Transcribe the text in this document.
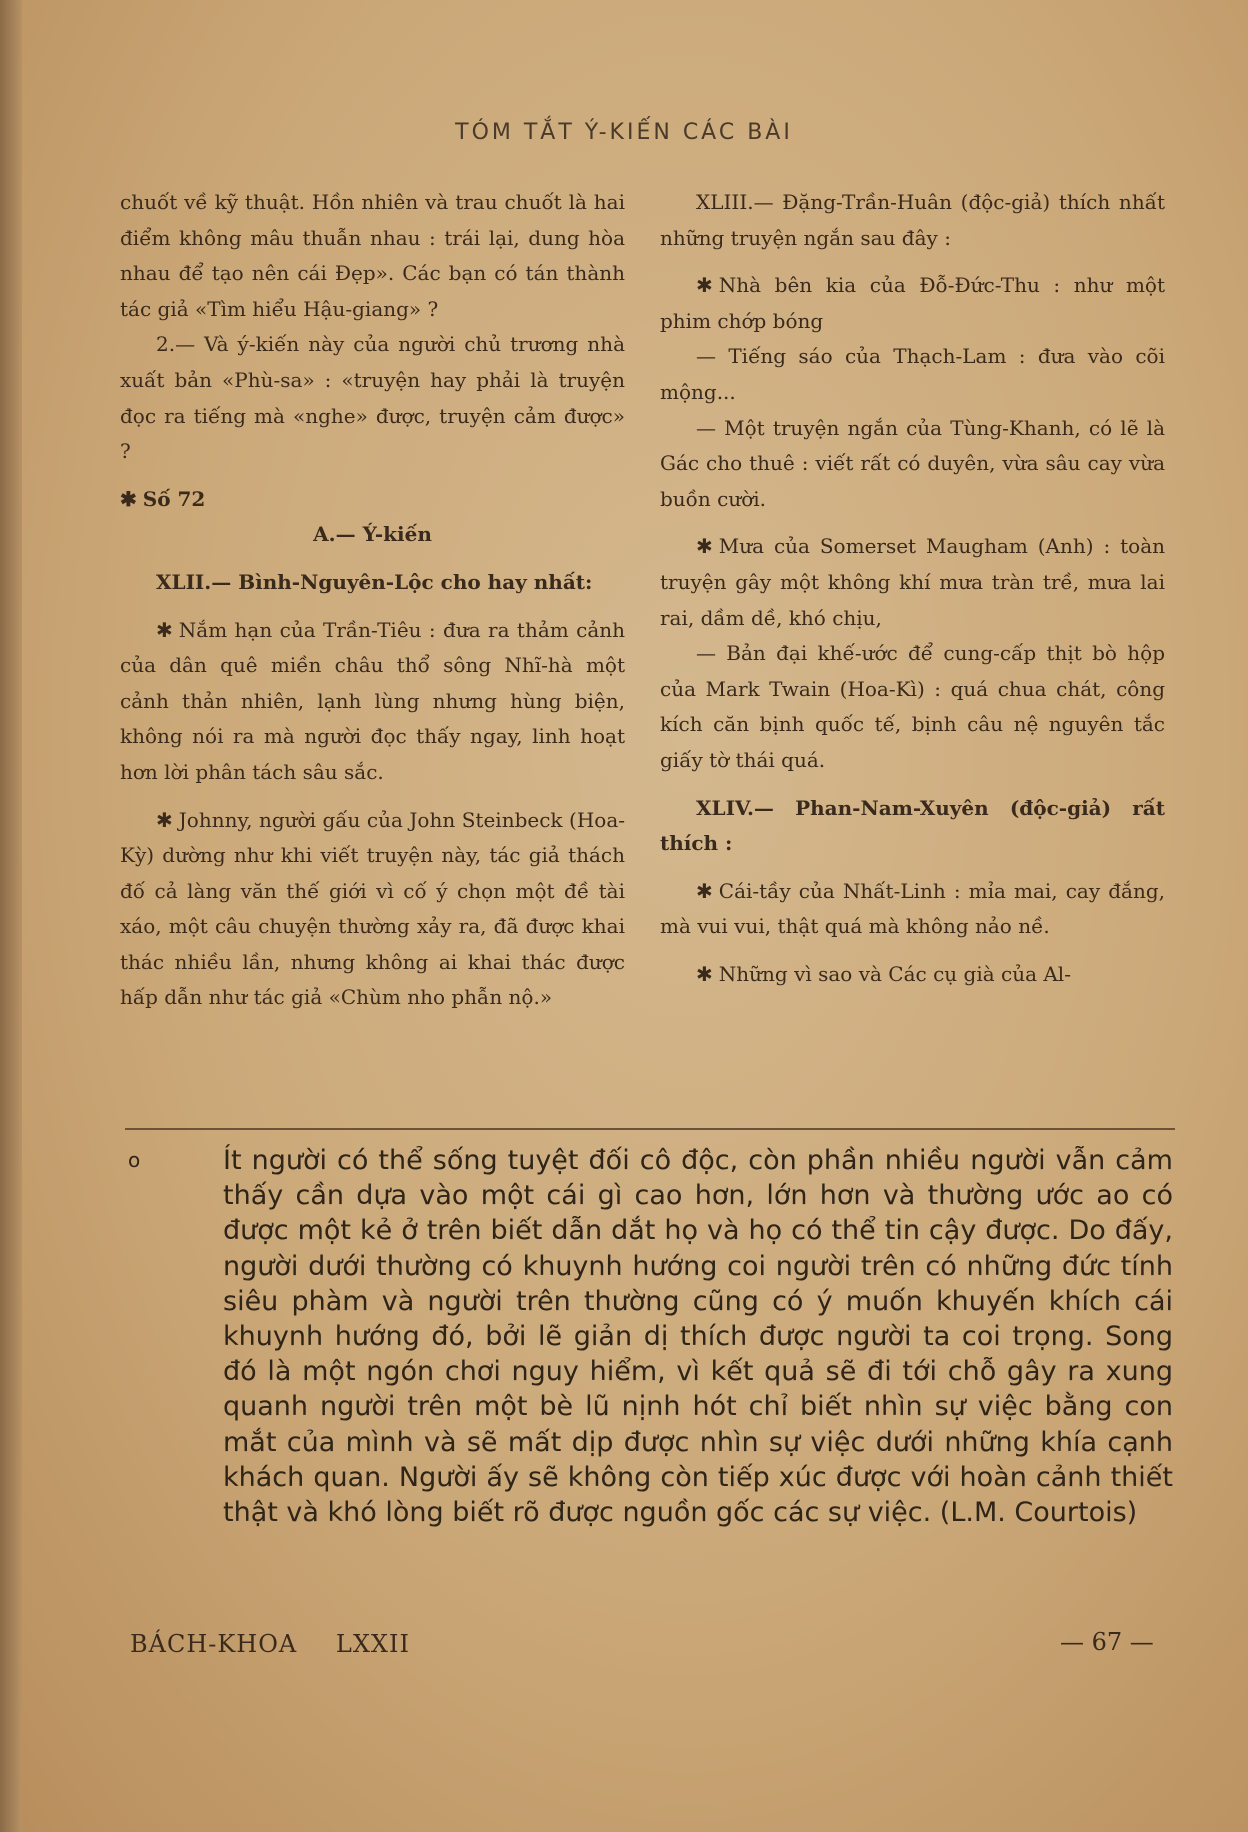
TÓM TẮT Ý-KIẾN CÁC BÀI

chuốt về kỹ thuật. Hồn nhiên và trau chuốt là hai điểm không mâu thuẫn nhau : trái lại, dung hòa nhau để tạo nên cái Đẹp». Các bạn có tán thành tác giả «Tìm hiểu Hậu-giang» ?

2.— Và ý-kiến này của người chủ trương nhà xuất bản «Phù-sa» : «truyện hay phải là truyện đọc ra tiếng mà «nghe» được, truyện cảm được» ?

✱ Số 72

A.— Ý-kiến

XLII.— Bình-Nguyên-Lộc cho hay nhất:

✱ Nắm hạn của Trần-Tiêu : đưa ra thảm cảnh của dân quê miền châu thổ sông Nhĩ-hà một cảnh thản nhiên, lạnh lùng nhưng hùng biện, không nói ra mà người đọc thấy ngay, linh hoạt hơn lời phân tách sâu sắc.

✱ Johnny, người gấu của John Steinbeck (Hoa-Kỳ) dường như khi viết truyện này, tác giả thách đố cả làng văn thế giới vì cố ý chọn một đề tài xáo, một câu chuyện thường xảy ra, đã được khai thác nhiều lần, nhưng không ai khai thác được hấp dẫn như tác giả «Chùm nho phẫn nộ.»

XLIII.— Đặng-Trần-Huân (độc-giả) thích nhất những truyện ngắn sau đây :

✱ Nhà bên kia của Đỗ-Đức-Thu : như một phim chớp bóng

— Tiếng sáo của Thạch-Lam : đưa vào cõi mộng...

— Một truyện ngắn của Tùng-Khanh, có lẽ là Gác cho thuê : viết rất có duyên, vừa sâu cay vừa buồn cười.

✱ Mưa của Somerset Maugham (Anh) : toàn truyện gây một không khí mưa tràn trề, mưa lai rai, dầm dề, khó chịu,

— Bản đại khế-ước để cung-cấp thịt bò hộp của Mark Twain (Hoa-Kì) : quá chua chát, công kích căn bịnh quốc tế, bịnh câu nệ nguyên tắc giấy tờ thái quá.

XLIV.— Phan-Nam-Xuyên (độc-giả) rất thích :

✱ Cái-tầy của Nhất-Linh : mỉa mai, cay đắng, mà vui vui, thật quá mà không nảo nề.

✱ Những vì sao và Các cụ già của Al-

o	Ít người có thể sống tuyệt đối cô độc, còn phần nhiều người vẫn cảm thấy cần dựa vào một cái gì cao hơn, lớn hơn và thường ước ao có được một kẻ ở trên biết dẫn dắt họ và họ có thể tin cậy được. Do đấy, người dưới thường có khuynh hướng coi người trên có những đức tính siêu phàm và người trên thường cũng có ý muốn khuyến khích cái khuynh hướng đó, bởi lẽ giản dị thích được người ta coi trọng. Song đó là một ngón chơi nguy hiểm, vì kết quả sẽ đi tới chỗ gây ra xung quanh người trên một bè lũ nịnh hót chỉ biết nhìn sự việc bằng con mắt của mình và sẽ mất dịp được nhìn sự việc dưới những khía cạnh khách quan. Người ấy sẽ không còn tiếp xúc được với hoàn cảnh thiết thật và khó lòng biết rõ được nguồn gốc các sự việc. (L.M. Courtois)
BÁCH-KHOA LXXII	— 67 —
